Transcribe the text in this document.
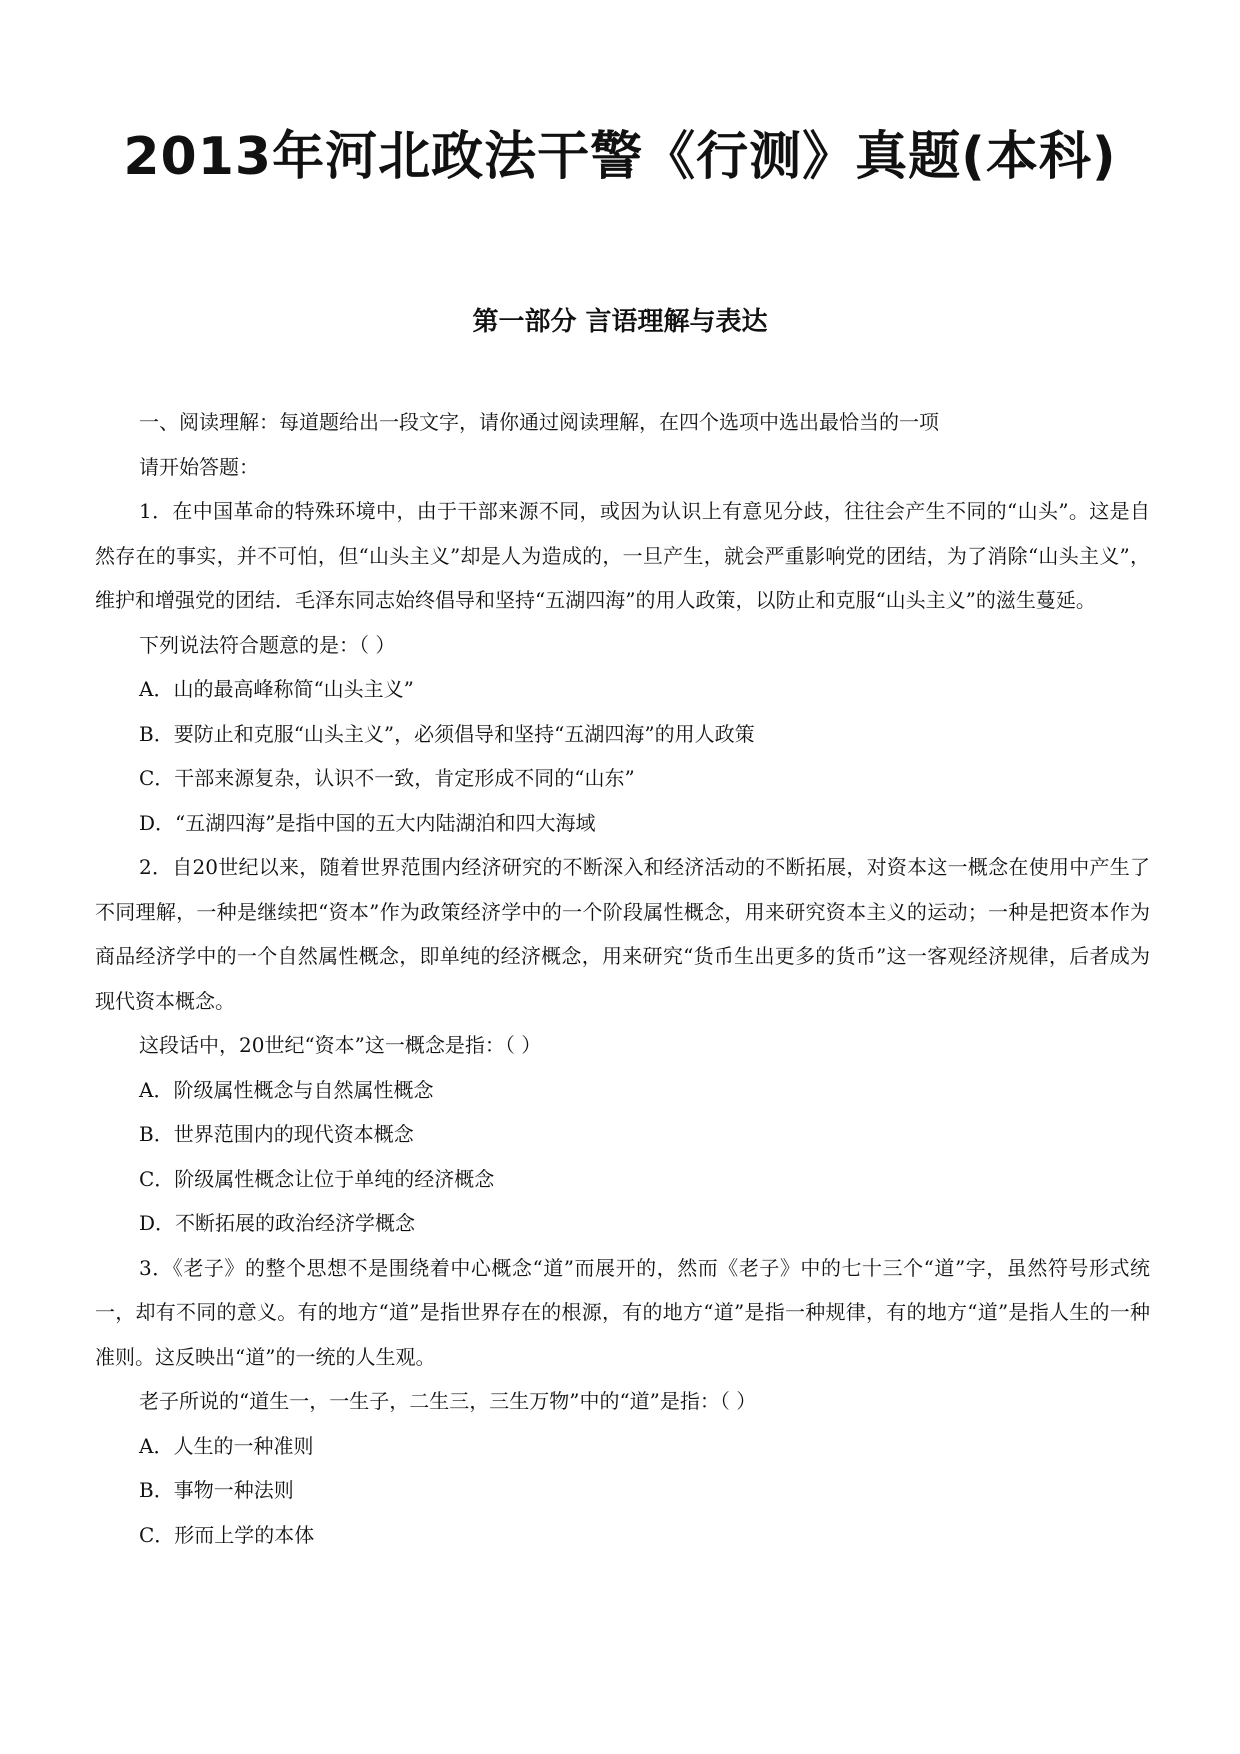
2013年河北政法干警《行测》真题(本科)
第一部分 言语理解与表达

一、阅读理解：每道题给出一段文字，请你通过阅读理解，在四个选项中选出最恰当的一项

请开始答题：

1．在中国革命的特殊环境中，由于干部来源不同，或因为认识上有意见分歧，往往会产生不同的“山头”。这是自然存在的事实，并不可怕，但“山头主义”却是人为造成的，一旦产生，就会严重影响党的团结，为了消除“山头主义”，维护和增强党的团结．毛泽东同志始终倡导和坚持“五湖四海”的用人政策，以防止和克服“山头主义”的滋生蔓延。

下列说法符合题意的是：（ ）

A．山的最高峰称简“山头主义”

B．要防止和克服“山头主义”，必须倡导和坚持“五湖四海”的用人政策

C．干部来源复杂，认识不一致，肯定形成不同的“山东”

D．“五湖四海”是指中国的五大内陆湖泊和四大海域

2．自20世纪以来，随着世界范围内经济研究的不断深入和经济活动的不断拓展，对资本这一概念在使用中产生了不同理解，一种是继续把“资本”作为政策经济学中的一个阶段属性概念，用来研究资本主义的运动；一种是把资本作为商品经济学中的一个自然属性概念，即单纯的经济概念，用来研究“货币生出更多的货币”这一客观经济规律，后者成为现代资本概念。

这段话中，20世纪“资本”这一概念是指：（ ）

A．阶级属性概念与自然属性概念

B．世界范围内的现代资本概念

C．阶级属性概念让位于单纯的经济概念

D．不断拓展的政治经济学概念

3．《老子》的整个思想不是围绕着中心概念“道”而展开的，然而《老子》中的七十三个“道”字，虽然符号形式统一，却有不同的意义。有的地方“道”是指世界存在的根源，有的地方“道”是指一种规律，有的地方“道”是指人生的一种准则。这反映出“道”的一统的人生观。

老子所说的“道生一，一生子，二生三，三生万物”中的“道”是指：（ ）

A．人生的一种准则

B．事物一种法则

C．形而上学的本体
